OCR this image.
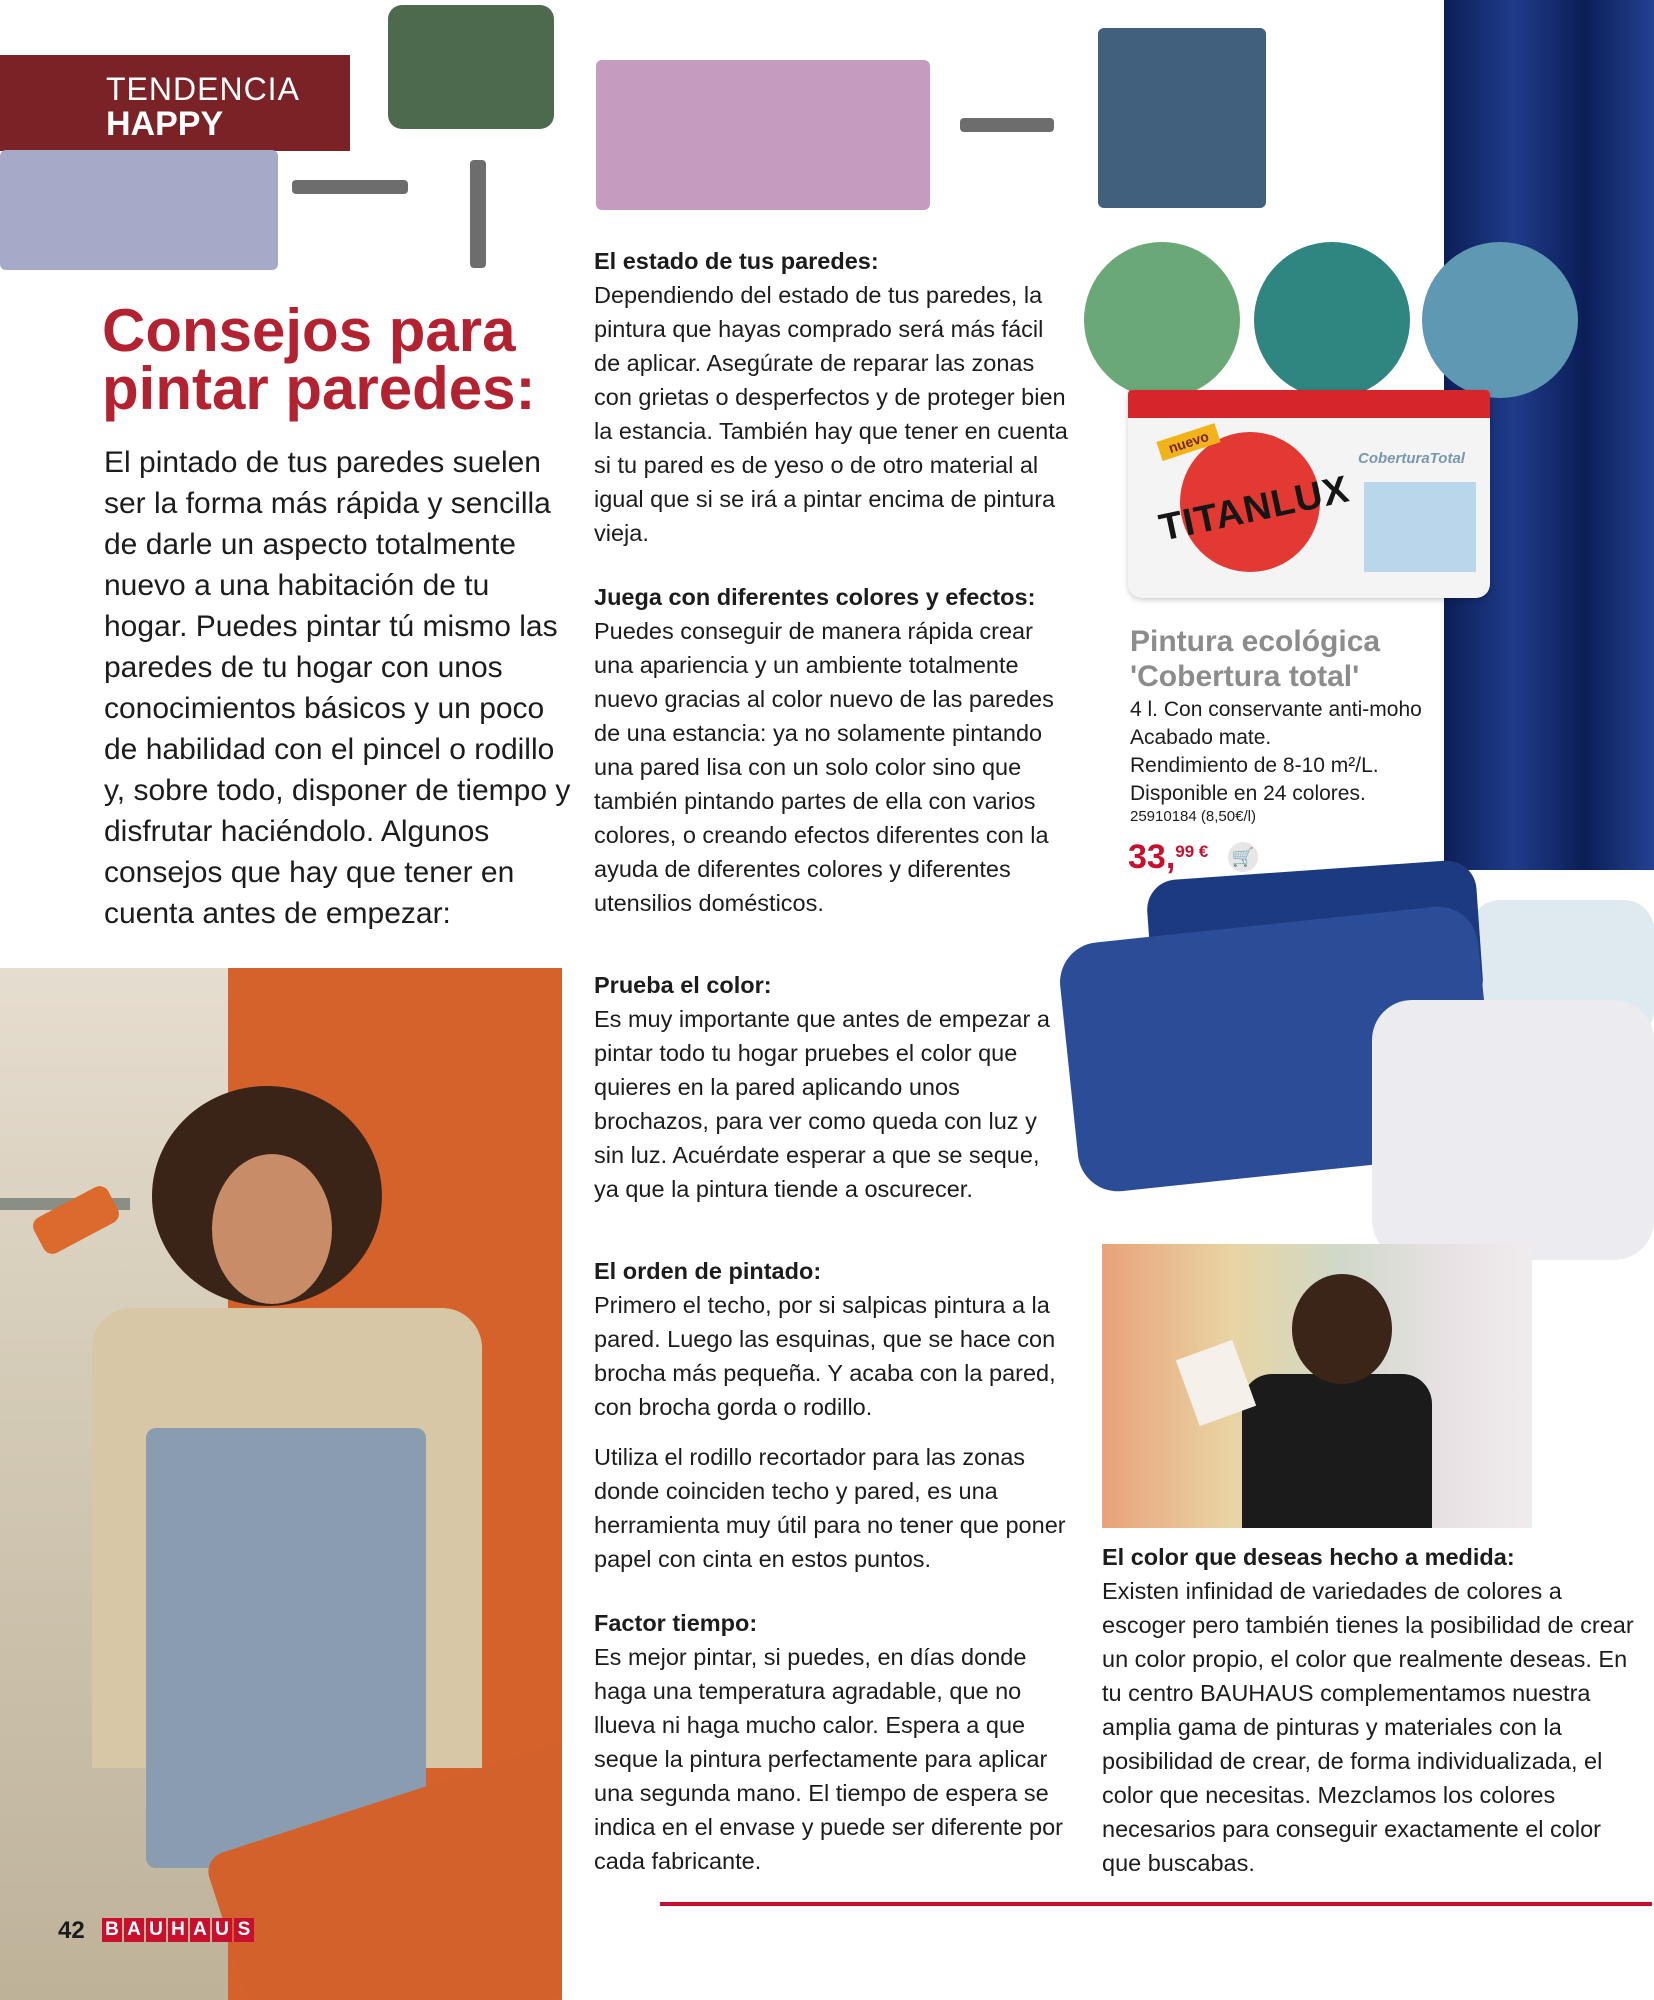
TENDENCIA
HAPPY
Consejos para pintar paredes:
El pintado de tus paredes suelen ser la forma más rápida y sencilla de darle un aspecto totalmente nuevo a una habitación de tu hogar. Puedes pintar tú mismo las paredes de tu hogar con unos conocimientos básicos y un poco de habilidad con el pincel o rodillo y, sobre todo, disponer de tiempo y disfrutar haciéndolo. Algunos consejos que hay que tener en cuenta antes de empezar:
El estado de tus paredes:

Dependiendo del estado de tus paredes, la pintura que hayas comprado será más fácil de aplicar. Asegúrate de reparar las zonas con grietas o desperfectos y de proteger bien la estancia. También hay que tener en cuenta si tu pared es de yeso o de otro material al igual que si se irá a pintar encima de pintura vieja.

Juega con diferentes colores y efectos:

Puedes conseguir de manera rápida crear una apariencia y un ambiente totalmente nuevo gracias al color nuevo de las paredes de una estancia: ya no solamente pintando una pared lisa con un solo color sino que también pintando partes de ella con varios colores, o creando efectos diferentes con la ayuda de diferentes colores y diferentes utensilios domésticos.

Prueba el color:

Es muy importante que antes de empezar a pintar todo tu hogar pruebes el color que quieres en la pared aplicando unos brochazos, para ver como queda con luz y sin luz. Acuérdate esperar a que se seque, ya que la pintura tiende a oscurecer.

El orden de pintado:

Primero el techo, por si salpicas pintura a la pared. Luego las esquinas, que se hace con brocha más pequeña. Y acaba con la pared, con brocha gorda o rodillo.

Utiliza el rodillo recortador para las zonas donde coinciden techo y pared, es una herramienta muy útil para no tener que poner papel con cinta en estos puntos.

Factor tiempo:

Es mejor pintar, si puedes, en días donde haga una temperatura agradable, que no llueva ni haga mucho calor. Espera a que seque la pintura perfectamente para aplicar una segunda mano. El tiempo de espera se indica en el envase y puede ser diferente por cada fabricante.

nuevo
TITANLUX
CoberturaTotal
Pintura ecológica 'Cobertura total'
4 l. Con conservante anti-moho
Acabado mate.
Rendimiento de 8-10 m²/L.
Disponible en 24 colores.
25910184 (8,50€/l)
33,99 € 🛒
El color que deseas hecho a medida:

Existen infinidad de variedades de colores a escoger pero también tienes la posibilidad de crear un color propio, el color que realmente deseas. En tu centro BAUHAUS complementamos nuestra amplia gama de pinturas y materiales con la posibilidad de crear, de forma individualizada, el color que necesitas. Mezclamos los colores necesarios para conseguir exactamente el color que buscabas.

42 B A U H A U S
